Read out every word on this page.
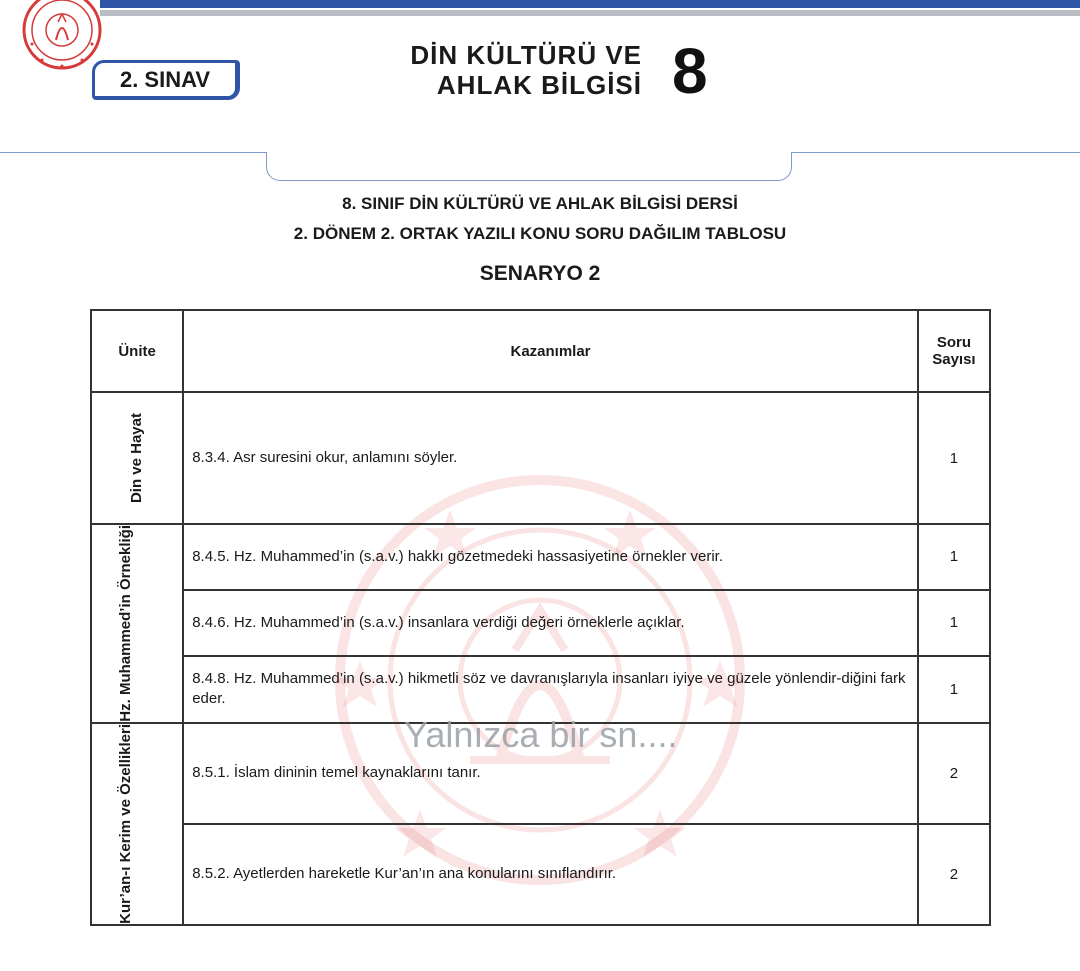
2. SINAV
DİN KÜLTÜRÜ VE
AHLAK BİLGİSİ 8
8. SINIF DİN KÜLTÜRÜ VE AHLAK BİLGİSİ DERSİ
2. DÖNEM 2. ORTAK YAZILI KONU SORU DAĞILIM TABLOSU
SENARYO 2
Ünite	Kazanımlar	Soru
Sayısı

Din ve Hayat	8.3.4. Asr suresini okur, anlamını söyler.	1

Hz. Muhammed’in Örnekliği	8.4.5. Hz. Muhammed’in (s.a.v.) hakkı gözetmedeki hassasiyetine örnekler verir.	1
	8.4.6. Hz. Muhammed’in (s.a.v.) insanlara verdiği değeri örneklerle açıklar.	1
	8.4.8. Hz. Muhammed’in (s.a.v.) hikmetli söz ve davranışlarıyla insanları iyiye ve güzele yönlendir-diğini fark eder.	1

Kur’an-ı Kerim ve Özellikleri	8.5.1. İslam dininin temel kaynaklarını tanır.	2
	8.5.2. Ayetlerden hareketle Kur’an’ın ana konularını sınıflandırır.	2
Yalnızca bir sn....
